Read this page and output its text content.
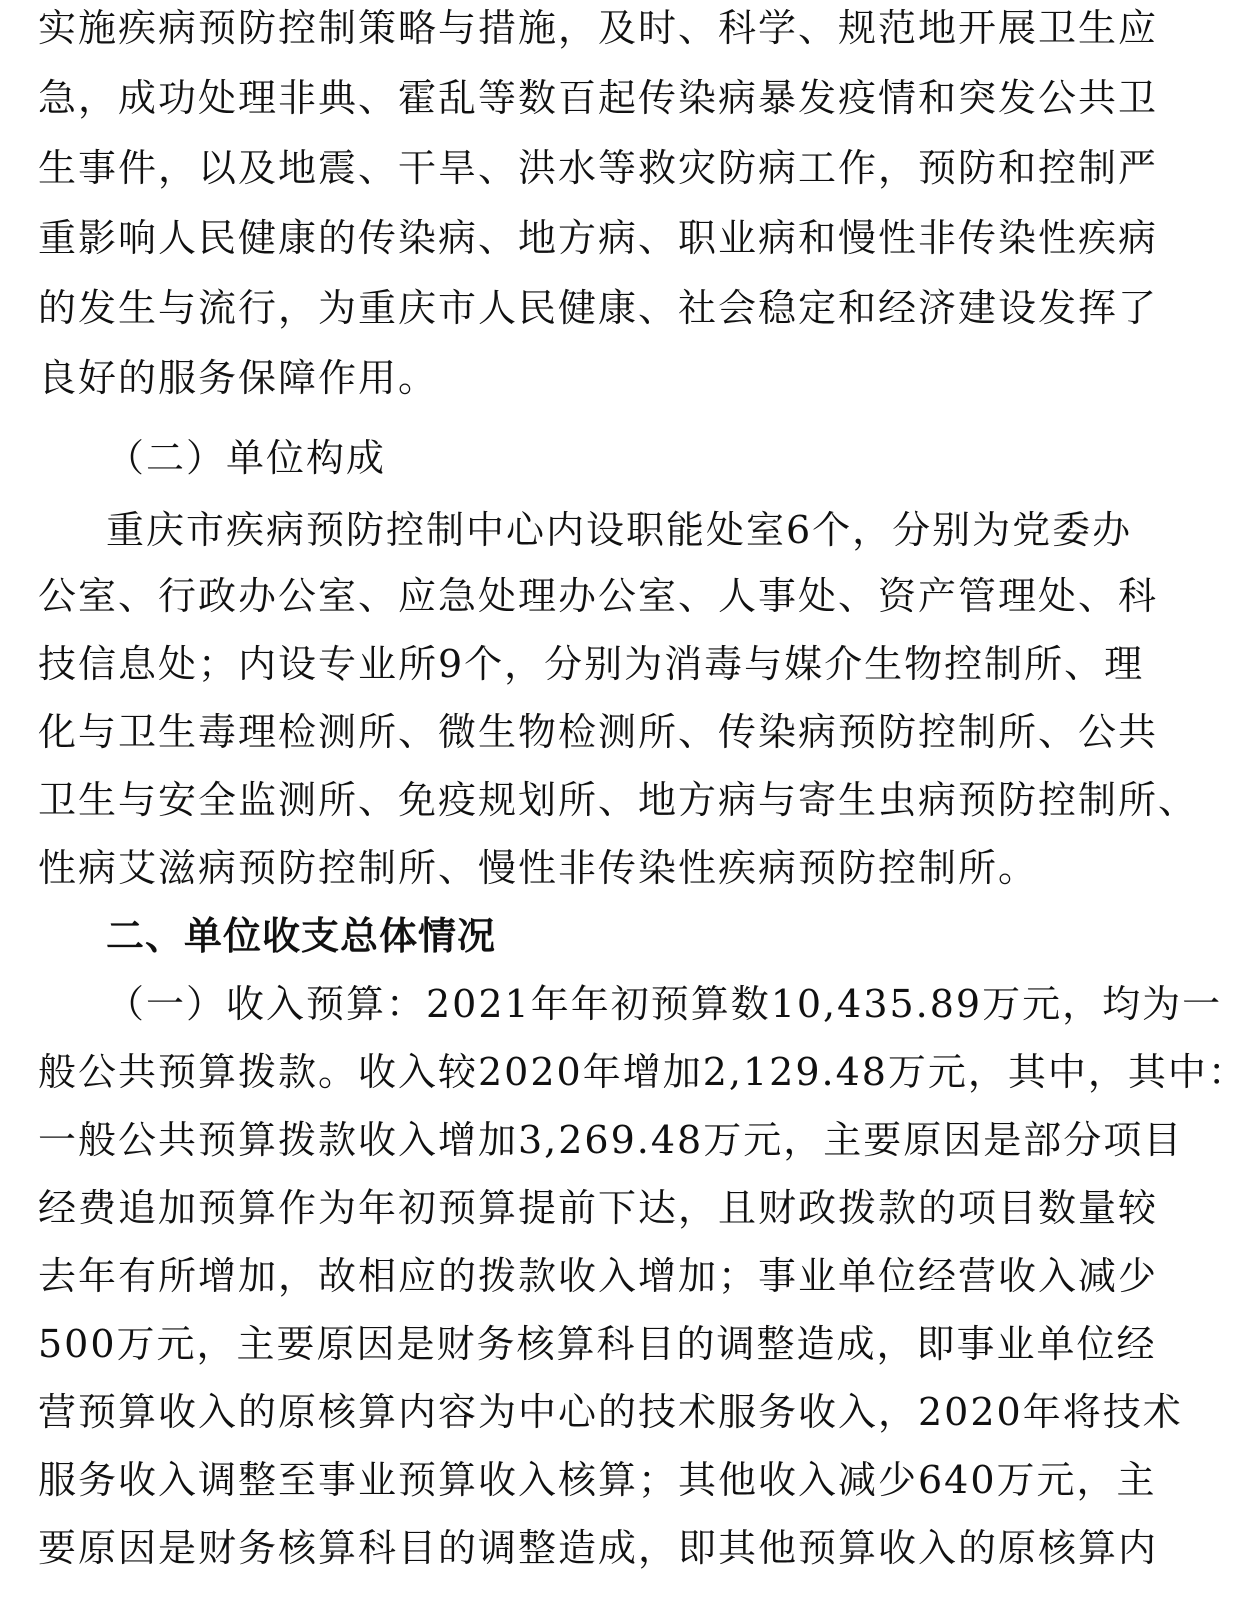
实施疾病预防控制策略与措施，及时、科学、规范地开展卫生应
急，成功处理非典、霍乱等数百起传染病暴发疫情和突发公共卫
生事件，以及地震、干旱、洪水等救灾防病工作，预防和控制严
重影响人民健康的传染病、地方病、职业病和慢性非传染性疾病
的发生与流行，为重庆市人民健康、社会稳定和经济建设发挥了
良好的服务保障作用。
（二）单位构成
重庆市疾病预防控制中心内设职能处室6个，分别为党委办
公室、行政办公室、应急处理办公室、人事处、资产管理处、科
技信息处；内设专业所9个，分别为消毒与媒介生物控制所、理
化与卫生毒理检测所、微生物检测所、传染病预防控制所、公共
卫生与安全监测所、免疫规划所、地方病与寄生虫病预防控制所、
性病艾滋病预防控制所、慢性非传染性疾病预防控制所。
二、单位收支总体情况
（一）收入预算：2021年年初预算数10,435.89万元，均为一
般公共预算拨款。收入较2020年增加2,129.48万元，其中，其中：
一般公共预算拨款收入增加3,269.48万元，主要原因是部分项目
经费追加预算作为年初预算提前下达，且财政拨款的项目数量较
去年有所增加，故相应的拨款收入增加；事业单位经营收入减少
500万元，主要原因是财务核算科目的调整造成，即事业单位经
营预算收入的原核算内容为中心的技术服务收入，2020年将技术
服务收入调整至事业预算收入核算；其他收入减少640万元，主
要原因是财务核算科目的调整造成，即其他预算收入的原核算内
